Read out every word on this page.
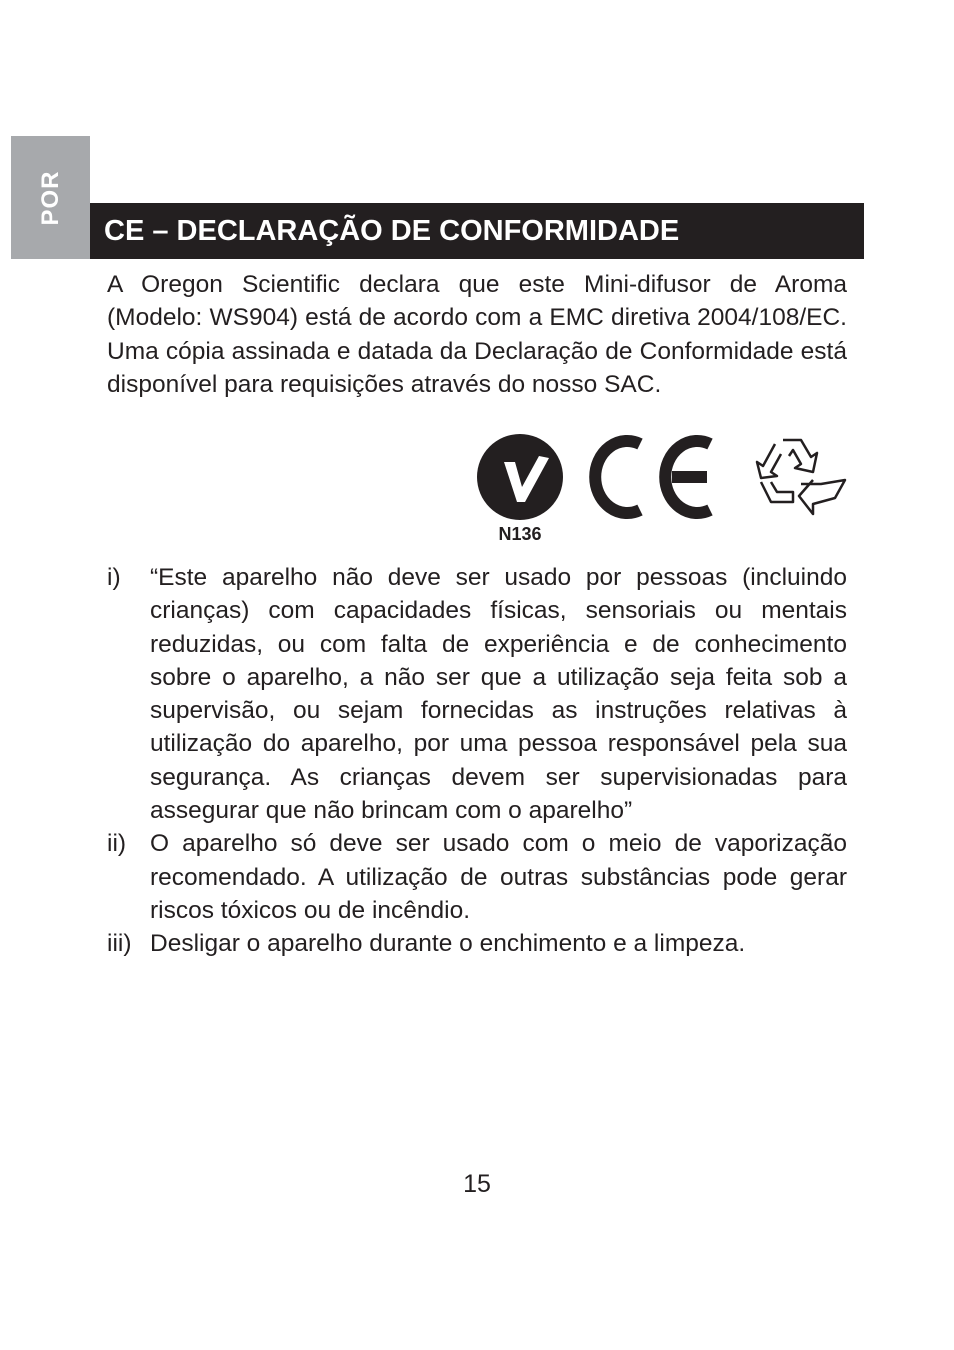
POR
CE – DECLARAÇÃO DE CONFORMIDADE

A Oregon Scientific declara que este Mini-difusor de Aroma (Modelo: WS904) está de acordo com a EMC diretiva 2004/108/EC. Uma cópia assinada e datada da Declaração de Conformidade está disponível para requisições através do nosso SAC.

N136
i)	“Este aparelho não deve ser usado por pessoas (incluindo crianças) com capacidades físicas, sensoriais ou mentais reduzidas, ou com falta de experiência e de conhecimento sobre o aparelho, a não ser que a utilização seja feita sob a supervisão, ou sejam fornecidas as instruções relativas à utilização do aparelho, por uma pessoa responsável pela sua segurança. As crianças devem ser supervisionadas para assegurar que não brincam com o aparelho”
ii) O aparelho só deve ser usado com o meio de vaporização recomendado. A utilização de outras substâncias pode gerar riscos tóxicos ou de incêndio.
iii) Desligar o aparelho durante o enchimento e a limpeza.
15
